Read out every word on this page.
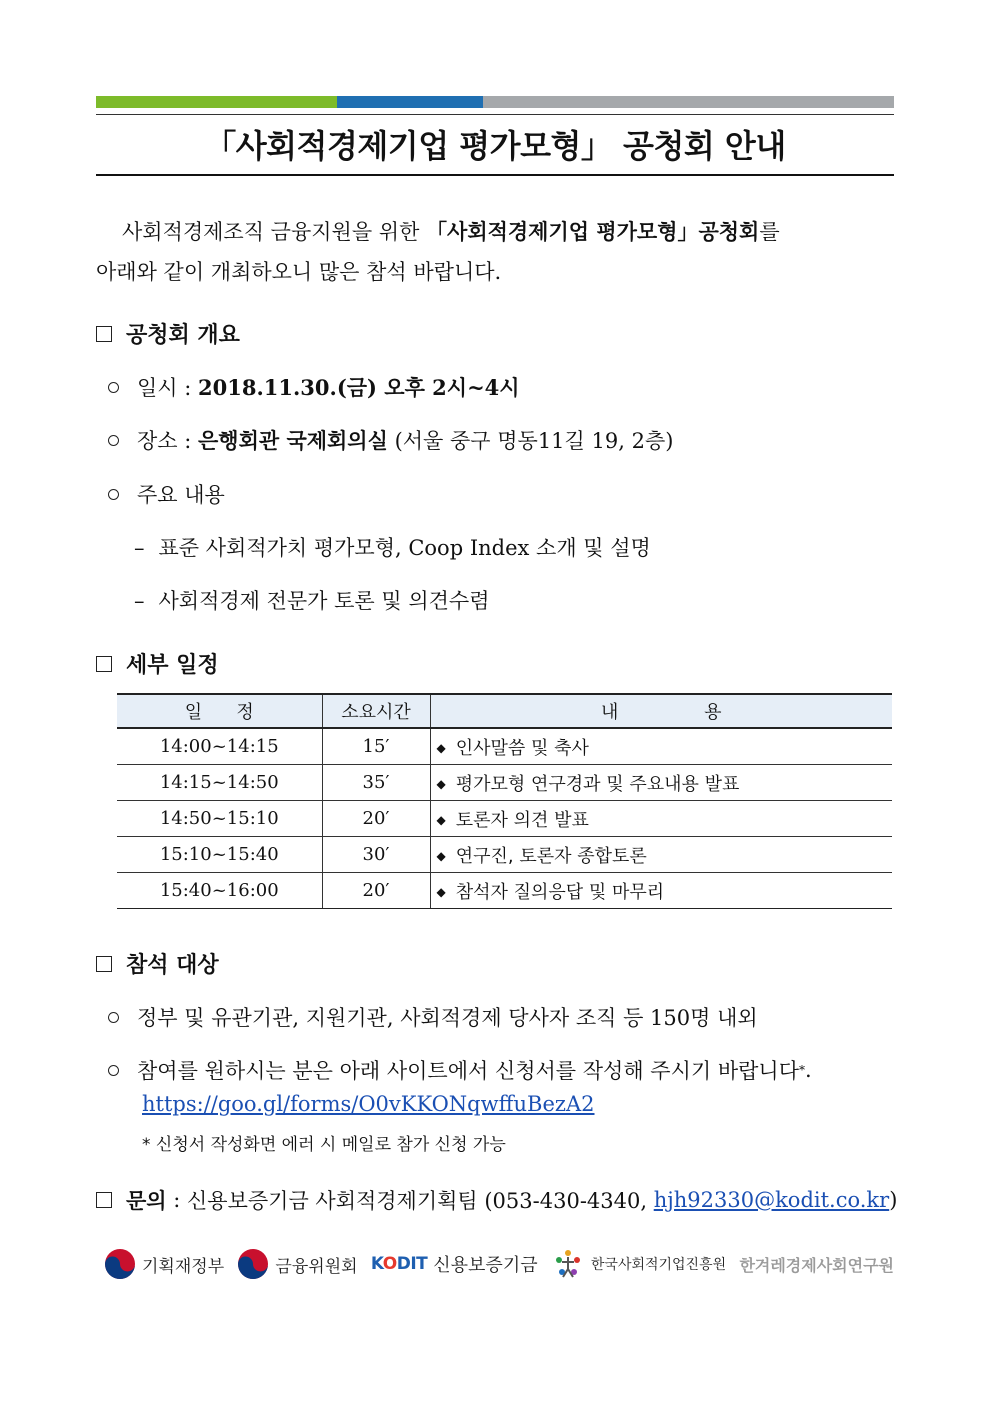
「사회적경제기업 평가모형」 공청회 안내
사회적경제조직 금융지원을 위한 「사회적경제기업 평가모형」공청회를
아래와 같이 개최하오니 많은 참석 바랍니다.
공청회 개요
일시 : 2018.11.30.(금) 오후 2시~4시
장소 : 은행회관 국제회의실 (서울 중구 명동11길 19, 2층)
주요 내용
– 표준 사회적가치 평가모형, Coop Index 소개 및 설명
– 사회적경제 전문가 토론 및 의견수렴
세부 일정
일      정	소요시간	내               용
14:00~14:15	15′	◆ 인사말씀 및 축사
14:15~14:50	35′	◆ 평가모형 연구경과 및 주요내용 발표
14:50~15:10	20′	◆ 토론자 의견 발표
15:10~15:40	30′	◆ 연구진, 토론자 종합토론
15:40~16:00	20′	◆ 참석자 질의응답 및 마무리
참석 대상
정부 및 유관기관, 지원기관, 사회적경제 당사자 조직 등 150명 내외
참여를 원하시는 분은 아래 사이트에서 신청서를 작성해 주시기 바랍니다 * .
https://goo.gl/forms/O0vKKONqwffuBezA2
* 신청서 작성화면 에러 시 메일로 참가 신청 가능
문의 : 신용보증기금 사회적경제기획팀 (053-430-4340, hjh92330@kodit.co.kr )
기획재정부	금융위원회 KODIT 신용보증기금	한국사회적기업진흥원 한겨레경제사회연구원
